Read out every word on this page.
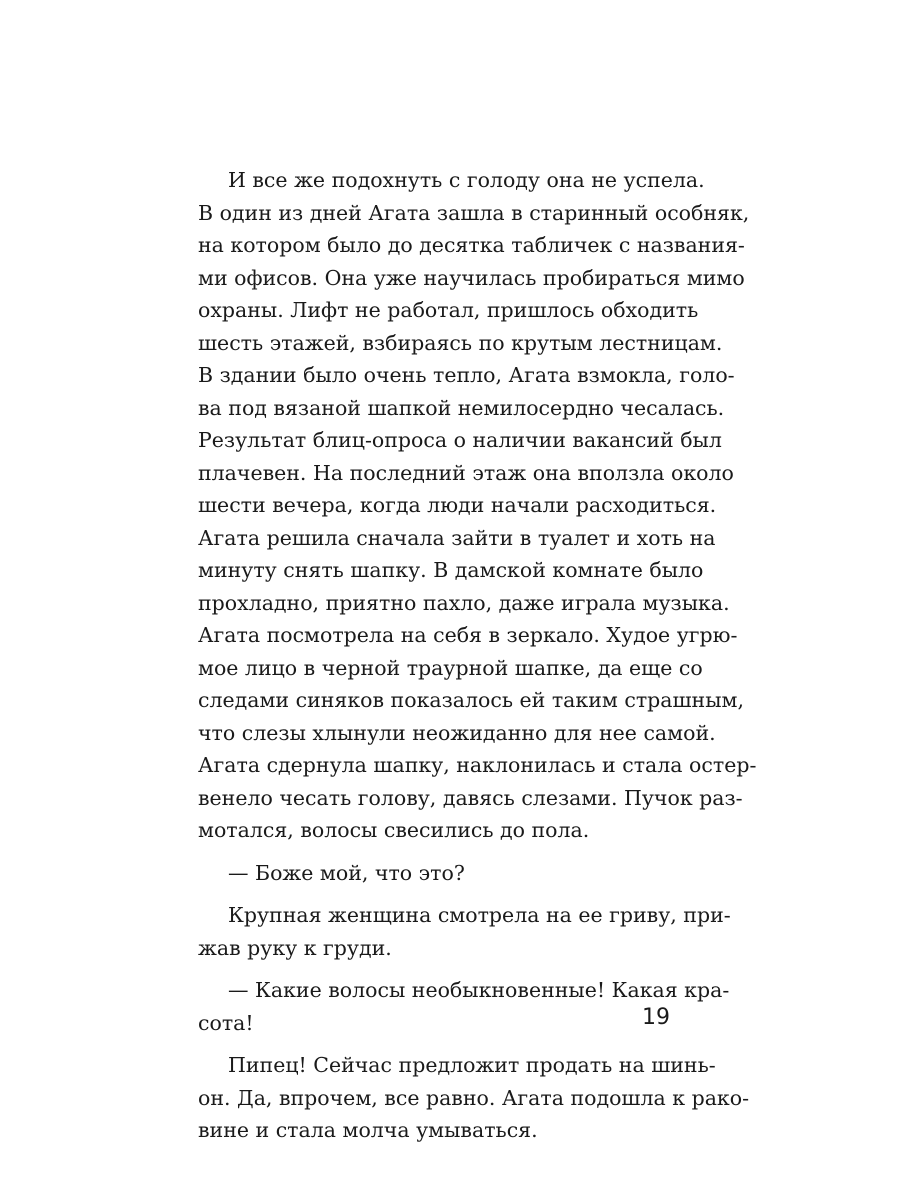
И все же подохнуть с голоду она не успела.
В один из дней Агата зашла в старинный особняк,
на котором было до десятка табличек с названия-
ми офисов. Она уже научилась пробираться мимо
охраны. Лифт не работал, пришлось обходить
шесть этажей, взбираясь по крутым лестницам.
В здании было очень тепло, Агата взмокла, голо-
ва под вязаной шапкой немилосердно чесалась.
Результат блиц-опроса о наличии вакансий был
плачевен. На последний этаж она вползла около
шести вечера, когда люди начали расходиться.
Агата решила сначала зайти в туалет и хоть на
минуту снять шапку. В дамской комнате было
прохладно, приятно пахло, даже играла музыка.
Агата посмотрела на себя в зеркало. Худое угрю-
мое лицо в черной траурной шапке, да еще со
следами синяков показалось ей таким страшным,
что слезы хлынули неожиданно для нее самой.
Агата сдернула шапку, наклонилась и стала остер-
венело чесать голову, давясь слезами. Пучок раз-
мотался, волосы свесились до пола.
— Боже мой, что это?
Крупная женщина смотрела на ее гриву, при-
жав руку к груди.
— Какие волосы необыкновенные! Какая кра-
сота!
Пипец! Сейчас предложит продать на шинь-
он. Да, впрочем, все равно. Агата подошла к рако-
вине и стала молча умываться.
19
